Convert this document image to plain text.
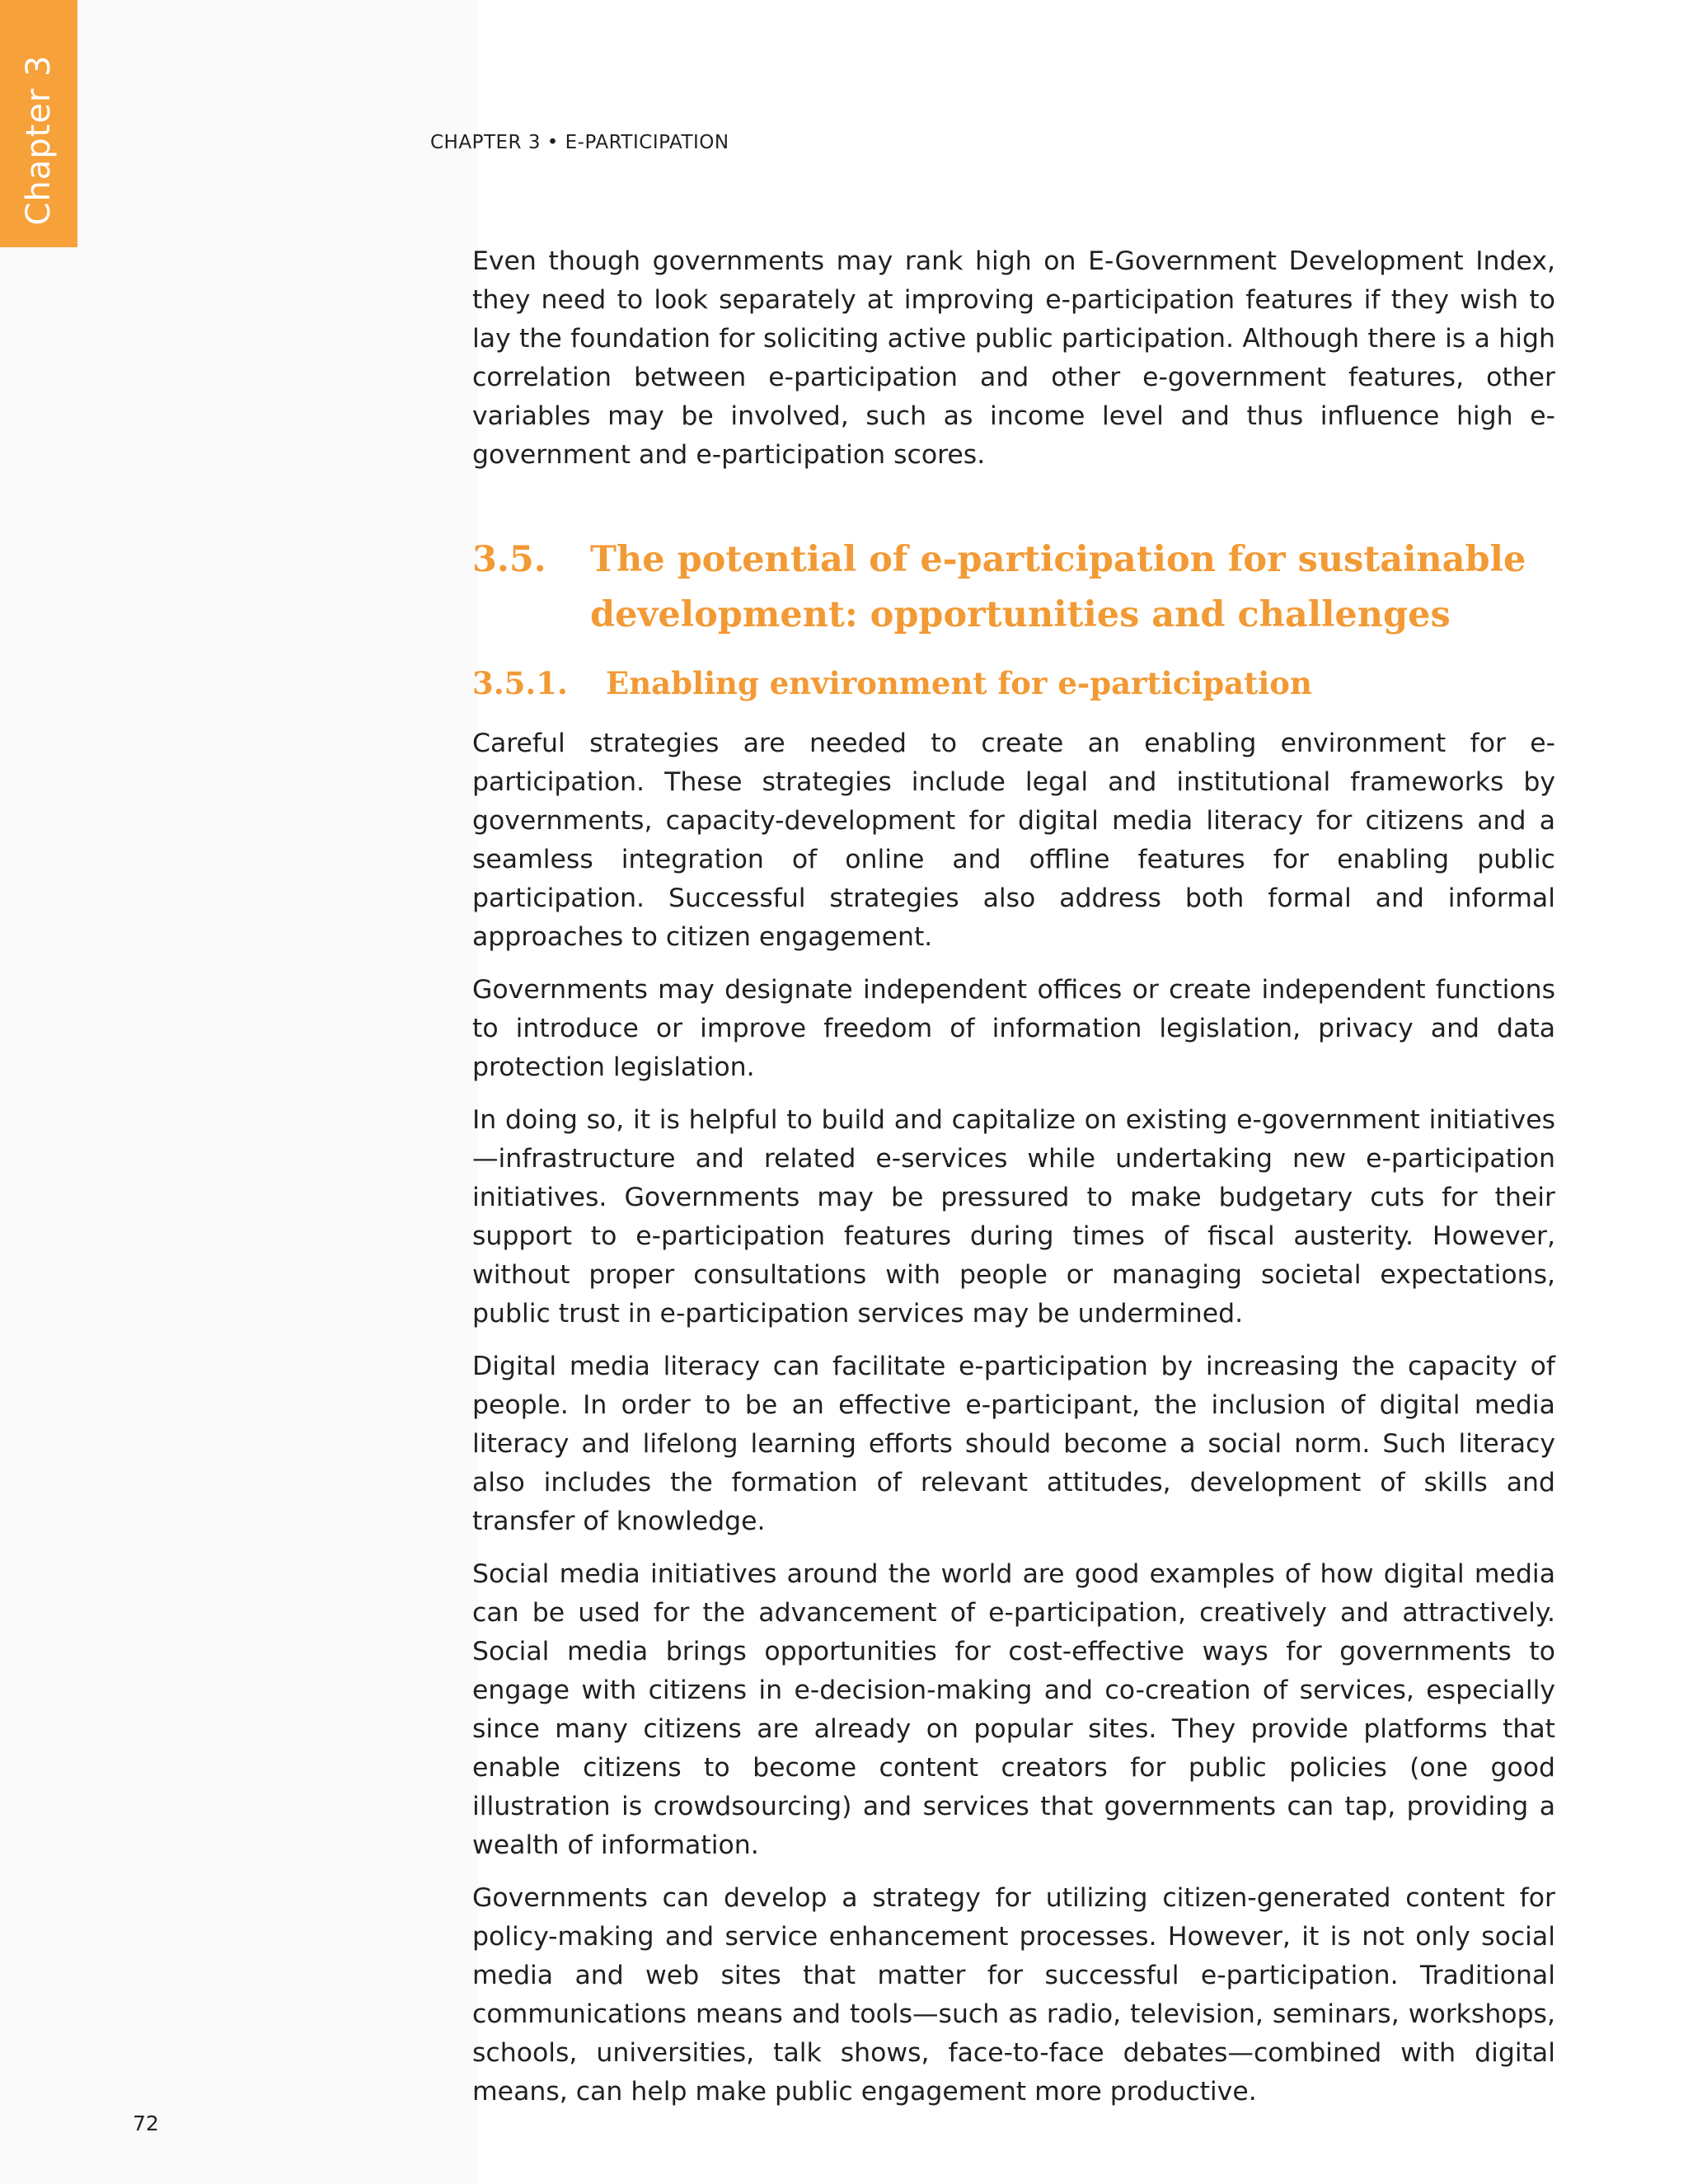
Chapter 3	CHAPTER 3 • E-PARTICIPATION

Even though governments may rank high on E-Government Development Index, they need to look separately at improving e-participation features if they wish to lay the foundation for soliciting active public participation. Although there is a high correlation between e-participation and other e-government features, other variables may be involved, such as income level and thus influence high e-government and e-participation scores.

3.5.	The potential of e-participation for sustainable development: opportunities and challenges
3.5.1.	Enabling environment for e-participation

Careful strategies are needed to create an enabling environment for e-participation. These strategies include legal and institutional frameworks by governments, capacity-development for digital media literacy for citizens and a seamless integration of online and offline features for enabling public participation. Successful strategies also address both formal and informal approaches to citizen engagement.

Governments may designate independent offices or create independent functions to introduce or improve freedom of information legislation, privacy and data protection legislation.

In doing so, it is helpful to build and capitalize on existing e-government initiatives—infrastructure and related e-services while undertaking new e-participation initiatives. Governments may be pressured to make budgetary cuts for their support to e-participation features during times of fiscal austerity. However, without proper consultations with people or managing societal expectations, public trust in e-participation services may be undermined.

Digital media literacy can facilitate e-participation by increasing the capacity of people. In order to be an effective e-participant, the inclusion of digital media literacy and lifelong learning efforts should become a social norm. Such literacy also includes the formation of relevant attitudes, development of skills and transfer of knowledge.

Social media initiatives around the world are good examples of how digital media can be used for the advancement of e-participation, creatively and attractively. Social media brings opportunities for cost-effective ways for governments to engage with citizens in e-decision-making and co-creation of services, especially since many citizens are already on popular sites. They provide platforms that enable citizens to become content creators for public policies (one good illustration is crowdsourcing) and services that governments can tap, providing a wealth of information.

Governments can develop a strategy for utilizing citizen-generated content for policy-making and service enhancement processes. However, it is not only social media and web sites that matter for successful e-participation. Traditional communications means and tools—such as radio, television, seminars, workshops, schools, universities, talk shows, face-to-face debates—combined with digital means, can help make public engagement more productive.

72
